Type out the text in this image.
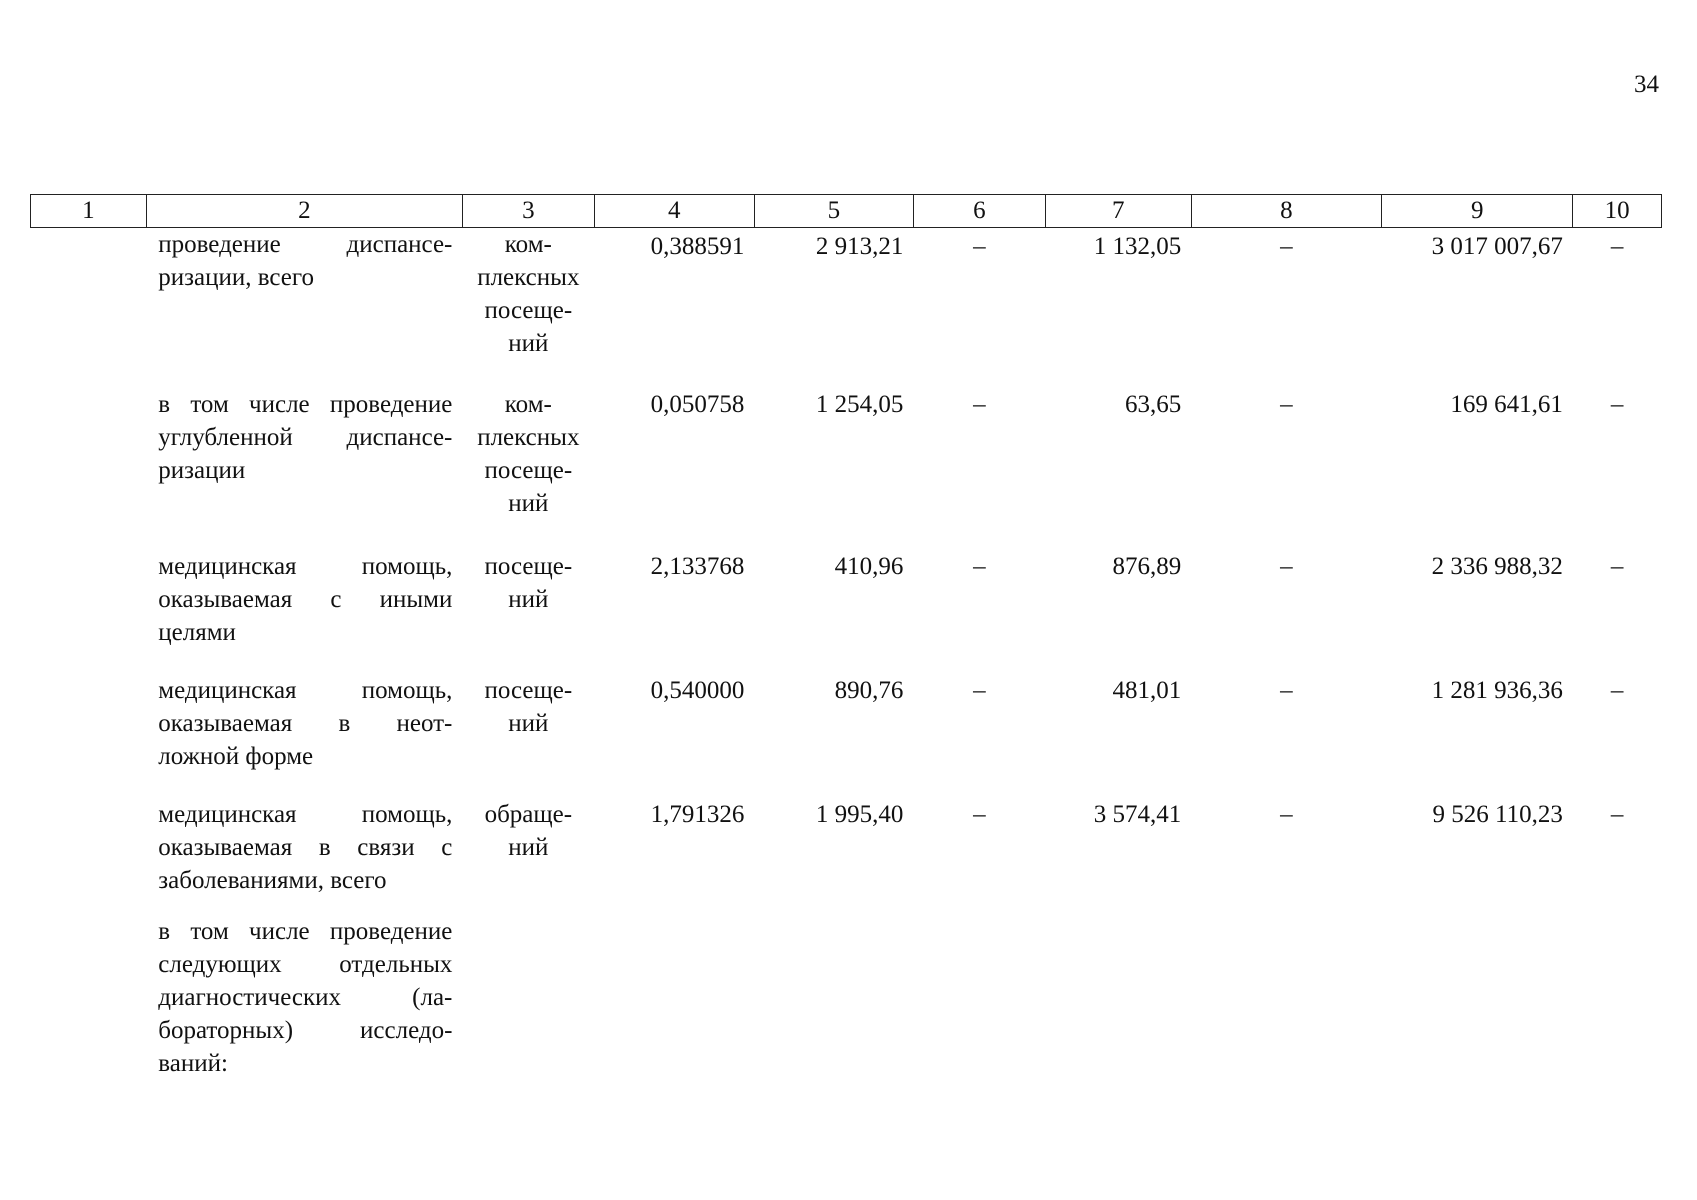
34
1	2	3	4	5	6	7	8	9	10
	проведение диспансе-ризации, всего	ком-плексных посеще-ний	0,388591	2 913,21	–	1 132,05	–	3 017 007,67	–
	в том числе проведение углубленной диспансе-ризации	ком-плексных посеще-ний	0,050758	1 254,05	–	63,65	–	169 641,61	–
	медицинская помощь, оказываемая с иными целями	посеще-ний	2,133768	410,96	–	876,89	–	2 336 988,32	–
	медицинская помощь, оказываемая в неот-ложной форме	посеще-ний	0,540000	890,76	–	481,01	–	1 281 936,36	–
	медицинская помощь, оказываемая в связи с заболеваниями, всего	обраще-ний	1,791326	1 995,40	–	3 574,41	–	9 526 110,23	–
	в том числе проведение следующих отдельных диагностических (ла-бораторных) исследо-ваний:								
